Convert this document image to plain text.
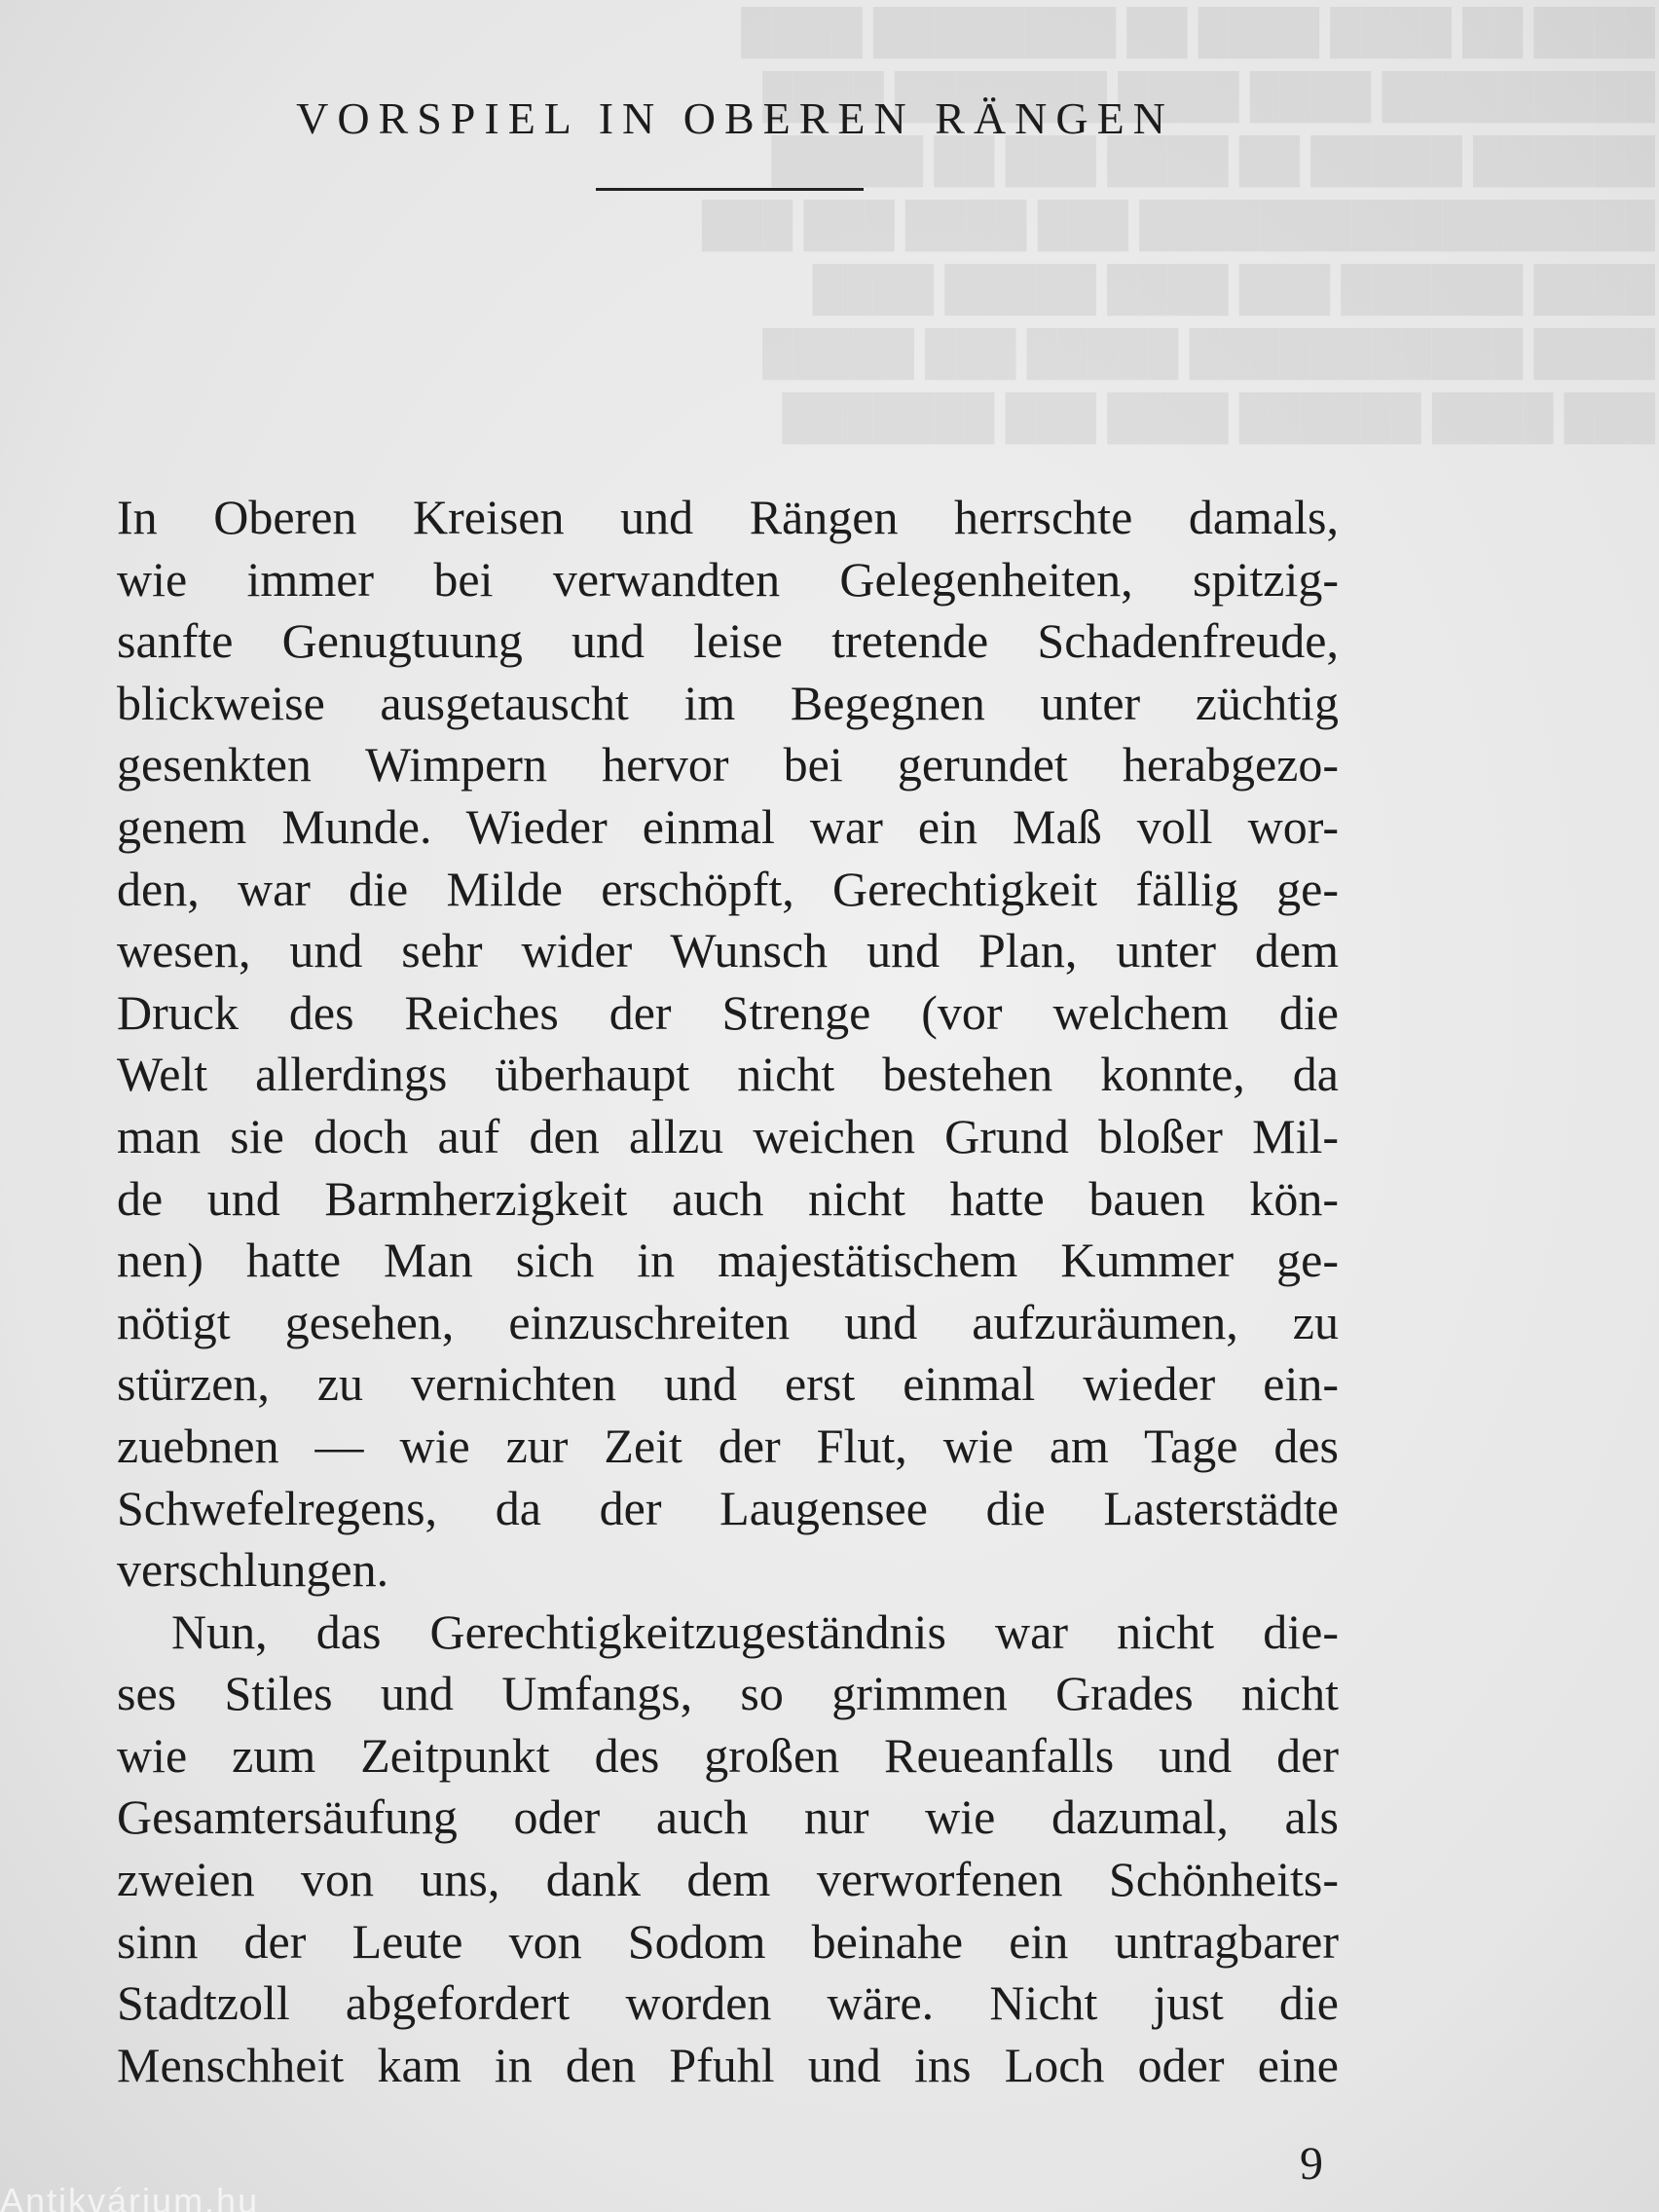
████ ██ ████ ████ ██ ████████ ████
█████████ ████ ████ ███████ ████
██████ █████ ██ ████ ███ ██ █████
█████████████████ ███ ████ ███ ███
████ ██████ ███ ████ █████ ████
████ ███████████ █████ ███ █████
███ ████ ██████ ████ ███ ███████
VORSPIEL IN OBEREN RÄNGEN
In Oberen Kreisen und Rängen herrschte damals,
wie immer bei verwandten Gelegenheiten, spitzig-
sanfte Genugtuung und leise tretende Schadenfreude,
blickweise ausgetauscht im Begegnen unter züchtig
gesenkten Wimpern hervor bei gerundet herabgezo-
genem Munde. Wieder einmal war ein Maß voll wor-
den, war die Milde erschöpft, Gerechtigkeit fällig ge-
wesen, und sehr wider Wunsch und Plan, unter dem
Druck des Reiches der Strenge (vor welchem die
Welt allerdings überhaupt nicht bestehen konnte, da
man sie doch auf den allzu weichen Grund bloßer Mil-
de und Barmherzigkeit auch nicht hatte bauen kön-
nen) hatte Man sich in majestätischem Kummer ge-
nötigt gesehen, einzuschreiten und aufzuräumen, zu
stürzen, zu vernichten und erst einmal wieder ein-
zuebnen — wie zur Zeit der Flut, wie am Tage des
Schwefelregens, da der Laugensee die Lasterstädte
verschlungen.
Nun, das Gerechtigkeitzugeständnis war nicht die-
ses Stiles und Umfangs, so grimmen Grades nicht
wie zum Zeitpunkt des großen Reueanfalls und der
Gesamtersäufung oder auch nur wie dazumal, als
zweien von uns, dank dem verworfenen Schönheits-
sinn der Leute von Sodom beinahe ein untragbarer
Stadtzoll abgefordert worden wäre. Nicht just die
Menschheit kam in den Pfuhl und ins Loch oder eine
9
Antikvárium.hu
